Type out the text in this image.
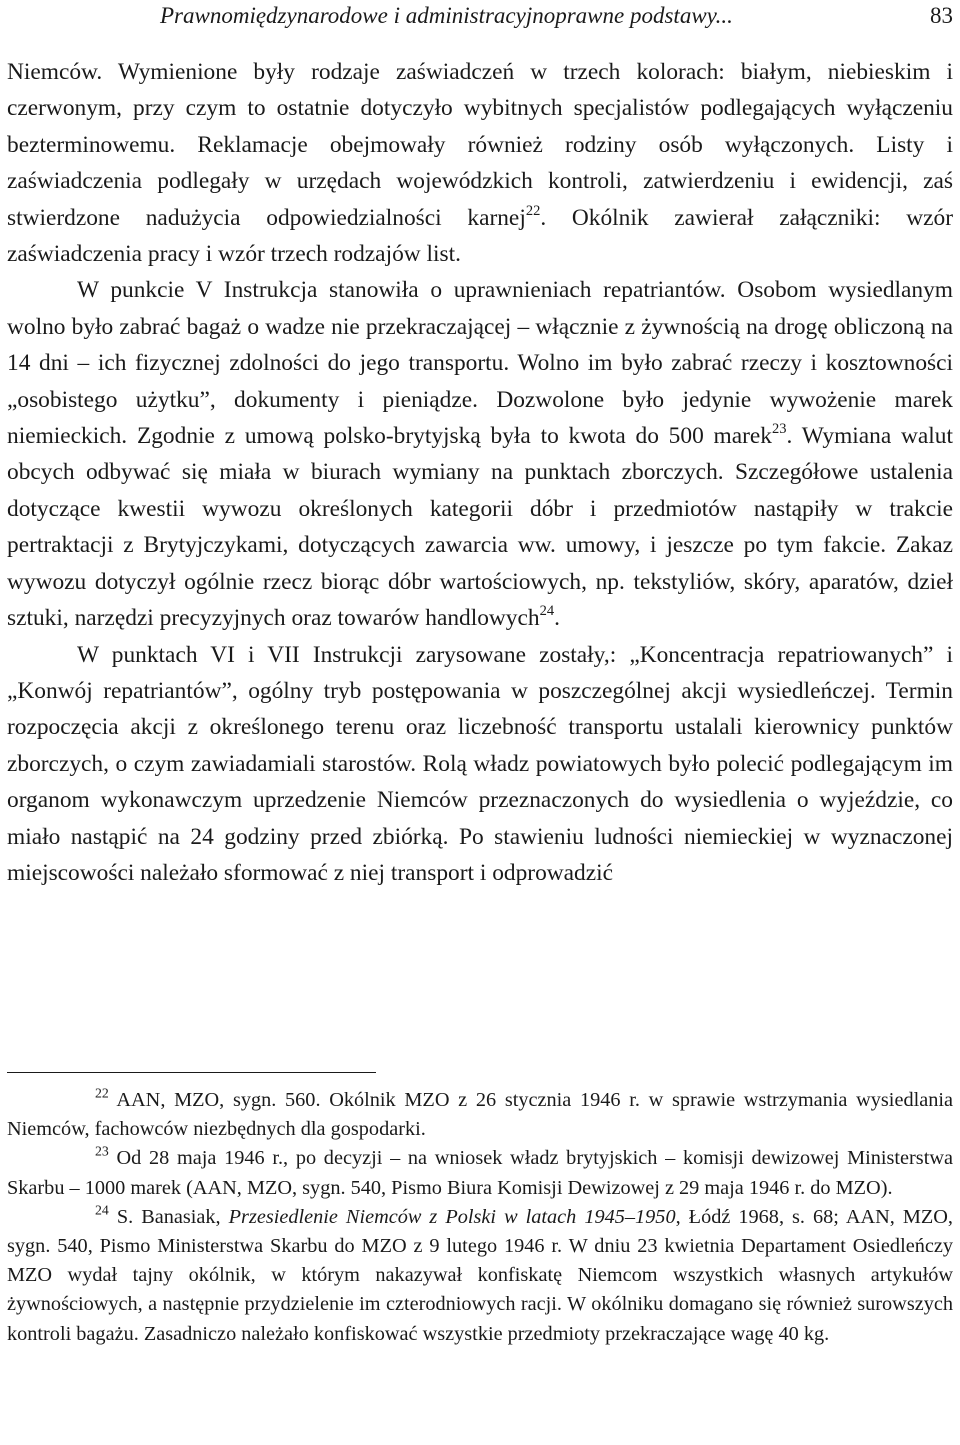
Prawnomiędzynarodowe i administracyjnoprawne podstawy...	83

Niemców. Wymienione były rodzaje zaświadczeń w trzech kolorach: białym, niebieskim i czerwonym, przy czym to ostatnie dotyczyło wybitnych specjalistów podlegających wyłączeniu bezterminowemu. Reklamacje obejmowały również rodziny osób wyłączonych. Listy i zaświadczenia podlegały w urzędach wojewódzkich kontroli, zatwierdzeniu i ewidencji, zaś stwierdzone nadużycia odpowiedzialności karnej$^{22}$. Okólnik zawierał załączniki: wzór zaświadczenia pracy i wzór trzech rodzajów list.

W punkcie V Instrukcja stanowiła o uprawnieniach repatriantów. Osobom wysiedlanym wolno było zabrać bagaż o wadze nie przekraczającej – włącznie z żywnością na drogę obliczoną na 14 dni – ich fizycznej zdolności do jego transportu. Wolno im było zabrać rzeczy i kosztowności „osobistego użytku”, dokumenty i pieniądze. Dozwolone było jedynie wywożenie marek niemieckich. Zgodnie z umową polsko-brytyjską była to kwota do 500 marek$^{23}$. Wymiana walut obcych odbywać się miała w biurach wymiany na punktach zborczych. Szczegółowe ustalenia dotyczące kwestii wywozu określonych kategorii dóbr i przedmiotów nastąpiły w trakcie pertraktacji z Brytyjczykami, dotyczących zawarcia ww. umowy, i jeszcze po tym fakcie. Zakaz wywozu dotyczył ogólnie rzecz biorąc dóbr wartościowych, np. tekstyliów, skóry, aparatów, dzieł sztuki, narzędzi precyzyjnych oraz towarów handlowych$^{24}$.

W punktach VI i VII Instrukcji zarysowane zostały,: „Koncentracja repatriowanych” i „Konwój repatriantów”, ogólny tryb postępowania w poszczególnej akcji wysiedleńczej. Termin rozpoczęcia akcji z określonego terenu oraz liczebność transportu ustalali kierownicy punktów zborczych, o czym zawiadamiali starostów. Rolą władz powiatowych było polecić podlegającym im organom wykonawczym uprzedzenie Niemców przeznaczonych do wysiedlenia o wyjeździe, co miało nastąpić na 24 godziny przed zbiórką. Po stawieniu ludności niemieckiej w wyznaczonej miejscowości należało sformować z niej transport i odprowadzić

$^{22}$ AAN, MZO, sygn. 560. Okólnik MZO z 26 stycznia 1946 r. w sprawie wstrzymania wysiedlania Niemców, fachowców niezbędnych dla gospodarki.

$^{23}$ Od 28 maja 1946 r., po decyzji – na wniosek władz brytyjskich – komisji dewizowej Ministerstwa Skarbu – 1000 marek (AAN, MZO, sygn. 540, Pismo Biura Komisji Dewizowej z 29 maja 1946 r. do MZO).

$^{24}$ S. Banasiak, Przesiedlenie Niemców z Polski w latach 1945–1950, Łódź 1968, s. 68; AAN, MZO, sygn. 540, Pismo Ministerstwa Skarbu do MZO z 9 lutego 1946 r. W dniu 23 kwietnia Departament Osiedleńczy MZO wydał tajny okólnik, w którym nakazywał konfiskatę Niemcom wszystkich własnych artykułów żywnościowych, a następnie przydzielenie im czterodniowych racji. W okólniku domagano się również surowszych kontroli bagażu. Zasadniczo należało konfiskować wszystkie przedmioty przekraczające wagę 40 kg.
